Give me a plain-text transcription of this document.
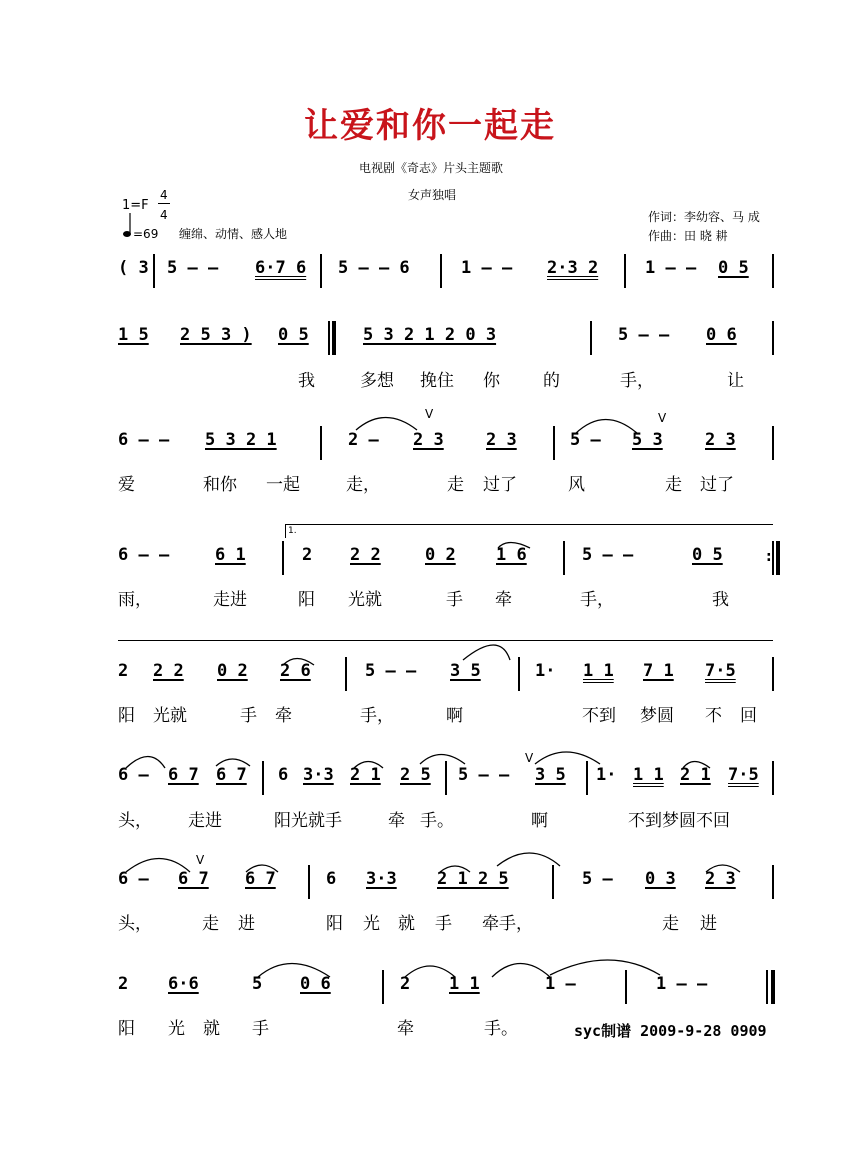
让爱和你一起走
电视剧《奇志》片头主题歌
女声独唱
1=F
4
4
=69 缠绵、动情、感人地
作词：李幼容、马 成
作曲：田 晓 耕
( 3 5 – – 6·7 6 5 – – 6	1 – – 2·3 2	1 – – 0 5
1 5 2 5 3 ) 0 5	5 3 2 1 2 0 3	5 – – 0 6
我	多想 挽住 你	的	手，	让
6 – – 5 3 2 1	2 – 2 3 2 3	5 – 5 3 2 3
爱	和你 一起	走，	走 过了	风	走 过了
1.
6 – –	6 1	2 2 2	0 2 1 6	5 – –	0 5	:
雨，	走进	阳 光就	手 牵	手，	我
2 2 2 0 2 2 6	5 – – 3 5	1· 1 1 7 1 7·5
阳 光就	手 牵	手，	啊	不到 梦圆 不 回
6 – 6 7 6 7 6 3·3 2 1 2 5 5 – – 3 5 1· 1 1 2 1 7·5
头， 走进	阳光就手	牵 手。	啊	不到梦圆不回
6 – 6 7 6 7	6 3·3 2 1 2 5	5 – 0 3 2 3
头，	走 进	阳 光 就 手 牵手，	走 进
2 6·6	5 0 6	2 1 1	1 –	1 – –
阳 光 就 手	牵	手。	syc制谱 2009-9-28 0909
V	V
V
V
